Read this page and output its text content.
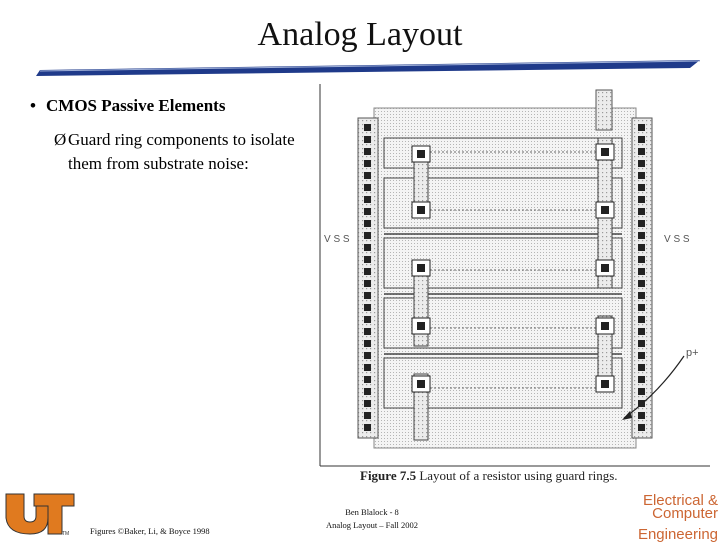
Analog Layout
• CMOS Passive Elements
Ø Guard ring components to isolate them from substrate noise:
V S S	V S S
p+
Figure 7.5 Layout of a resistor using guard rings.
TM Figures ©Baker, Li, & Boyce 1998
Ben Blalock - 8
Analog Layout – Fall 2002
Electrical &
Computer
Engineering
